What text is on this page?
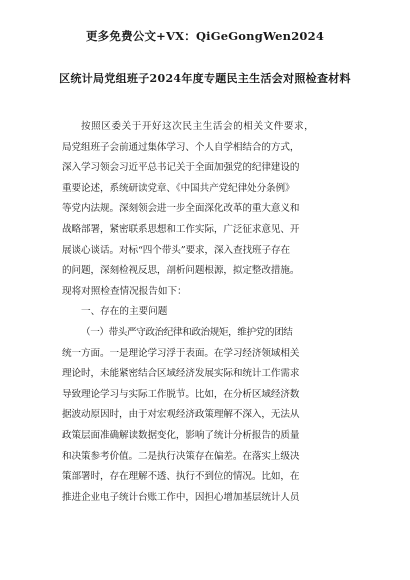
更多免费公文+VX：QiGeGongWen2024
区统计局党组班子2024年度专题民主生活会对照检查材料
按照区委关于开好这次民主生活会的相关文件要求，
局党组班子会前通过集体学习、个人自学相结合的方式，
深入学习领会习近平总书记关于全面加强党的纪律建设的
重要论述，系统研读党章、《中国共产党纪律处分条例》
等党内法规。深刻领会进一步全面深化改革的重大意义和
战略部署，紧密联系思想和工作实际，广泛征求意见、开
展谈心谈话。对标“四个带头”要求，深入查找班子存在
的问题，深刻检视反思，剖析问题根源，拟定整改措施。
现将对照检查情况报告如下：
一、存在的主要问题
（一）带头严守政治纪律和政治规矩，维护党的团结
统一方面。一是理论学习浮于表面。在学习经济领域相关
理论时，未能紧密结合区域经济发展实际和统计工作需求
导致理论学习与实际工作脱节。比如，在分析区域经济数
据波动原因时，由于对宏观经济政策理解不深入，无法从
政策层面准确解读数据变化，影响了统计分析报告的质量
和决策参考价值。二是执行决策存在偏差。在落实上级决
策部署时，存在理解不透、执行不到位的情况。比如，在
推进企业电子统计台账工作中，因担心增加基层统计人员
